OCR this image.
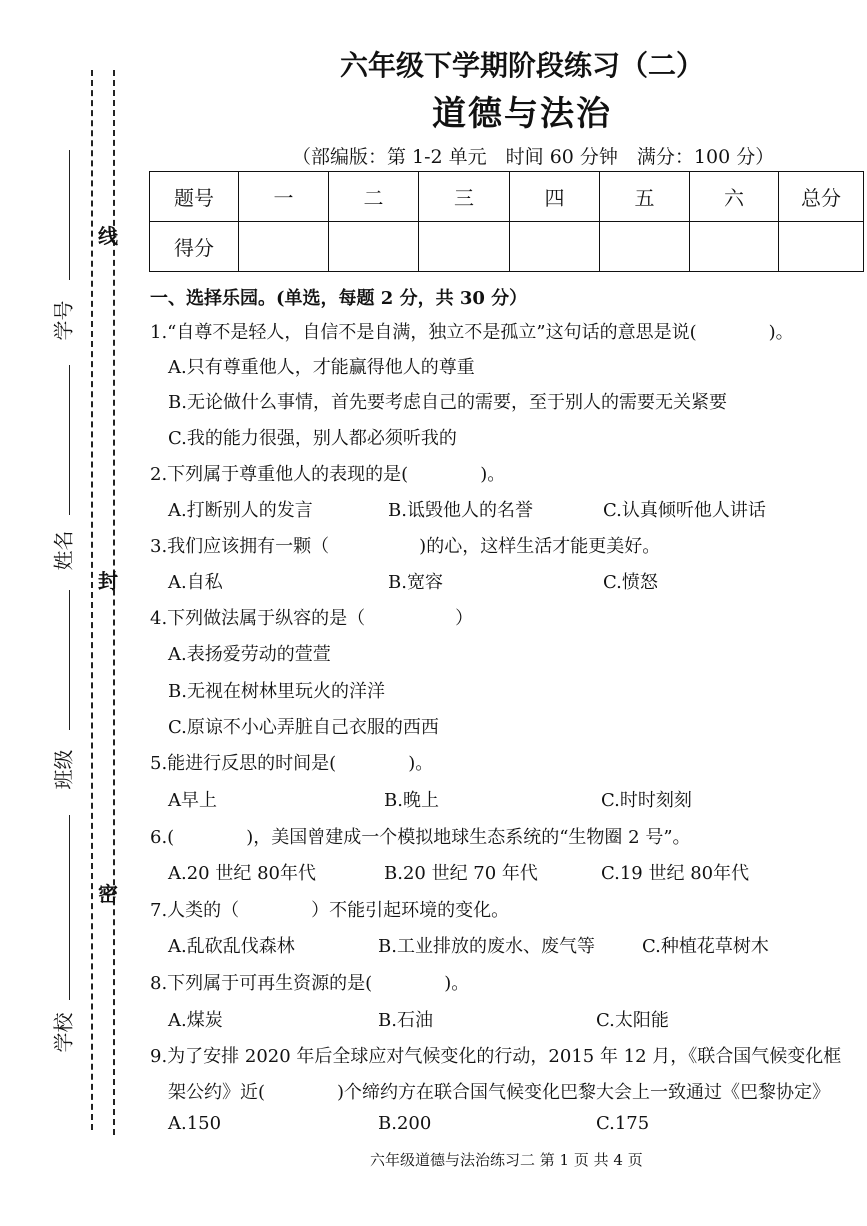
线
封
密
学号
姓名
班级
学校
六年级下学期阶段练习（二）
道德与法治
（部编版：第 1-2 单元　时间 60 分钟　满分：100 分）
题号	一	二	三	四	五	六	总分
得分							
一、选择乐园。(单选，每题 2 分，共 30 分）
1.“自尊不是轻人，自信不是自满，独立不是孤立”这句话的意思是说(　　　　)。
A.只有尊重他人，才能赢得他人的尊重
B.无论做什么事情，首先要考虑自己的需要，至于别人的需要无关紧要
C.我的能力很强，别人都必须听我的
2.下列属于尊重他人的表现的是(　　　　)。
A.打断别人的发言	B.诋毁他人的名誉	C.认真倾听他人讲话
3.我们应该拥有一颗（　　　　　)的心，这样生活才能更美好。
A.自私	B.宽容	C.愤怒
4.下列做法属于纵容的是（　　　　　）
A.表扬爱劳动的萱萱
B.无视在树林里玩火的洋洋
C.原谅不小心弄脏自己衣服的西西
5.能进行反思的时间是(　　　　)。
A早上	B.晚上	C.时时刻刻
6.(　　　　)，美国曾建成一个模拟地球生态系统的“生物圈 2 号”。
A.20 世纪 80年代	B.20 世纪 70 年代	C.19 世纪 80年代
7.人类的（　　　　）不能引起环境的变化。
A.乱砍乱伐森林	B.工业排放的废水、废气等	C.种植花草树木
8.下列属于可再生资源的是(　　　　)。
A.煤炭	B.石油	C.太阳能
9.为了安排 2020 年后全球应对气候变化的行动，2015 年 12 月，《联合国气候变化框
架公约》近(　　　　)个缔约方在联合国气候变化巴黎大会上一致通过《巴黎协定》
A.150	B.200	C.175
六年级道德与法治练习二 第 1 页 共 4 页
